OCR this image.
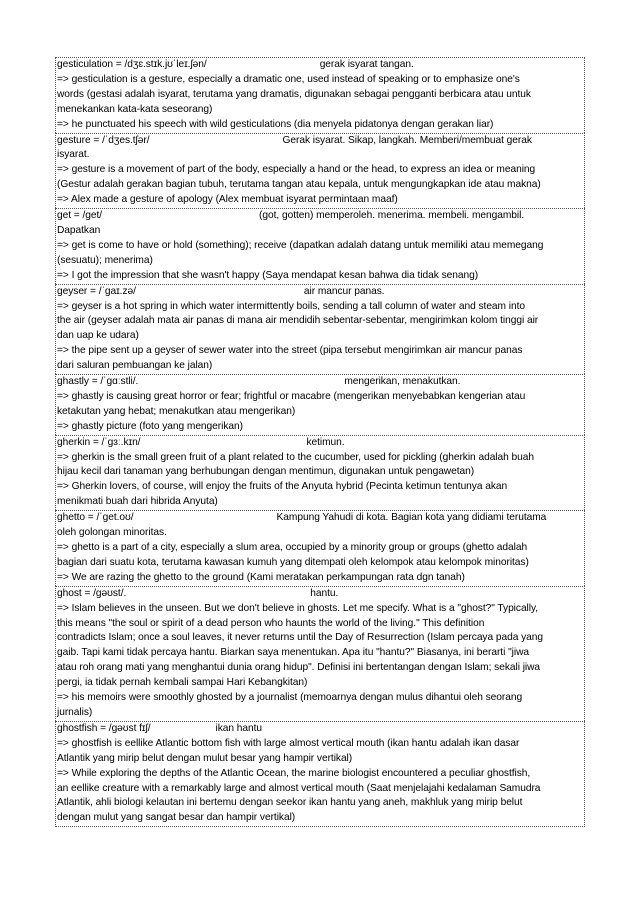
gesticulation = /dʒɛ.stɪk.jʊˈleɪ.ʃən/	gerak isyarat tangan.
=> gesticulation is a gesture, especially a dramatic one, used instead of speaking or to emphasize one's
words (gestasi adalah isyarat, terutama yang dramatis, digunakan sebagai pengganti berbicara atau untuk
menekankan kata-kata seseorang)
=> he punctuated his speech with wild gesticulations (dia menyela pidatonya dengan gerakan liar)
gesture = /ˈdʒes.tʃər/	Gerak isyarat. Sikap, langkah. Memberi/membuat gerak
isyarat.
=> gesture is a movement of part of the body, especially a hand or the head, to express an idea or meaning
(Gestur adalah gerakan bagian tubuh, terutama tangan atau kepala, untuk mengungkapkan ide atau makna)
=> Alex made a gesture of apology (Alex membuat isyarat permintaan maaf)
get = /get/	(got, gotten) memperoleh. menerima. membeli. mengambil.
Dapatkan
=> get is come to have or hold (something); receive (dapatkan adalah datang untuk memiliki atau memegang
(sesuatu); menerima)
=> I got the impression that she wasn't happy (Saya mendapat kesan bahwa dia tidak senang)
geyser = /ˈɡaɪ.zə/	air mancur panas.
=> geyser is a hot spring in which water intermittently boils, sending a tall column of water and steam into
the air (geyser adalah mata air panas di mana air mendidih sebentar-sebentar, mengirimkan kolom tinggi air
dan uap ke udara)
=> the pipe sent up a geyser of sewer water into the street (pipa tersebut mengirimkan air mancur panas
dari saluran pembuangan ke jalan)
ghastly = /ˈɡɑːstli/.	mengerikan, menakutkan.
=> ghastly is causing great horror or fear; frightful or macabre (mengerikan menyebabkan kengerian atau
ketakutan yang hebat; menakutkan atau mengerikan)
=> ghastly picture (foto yang mengerikan)
gherkin = /ˈɡɜː.kɪn/	ketimun.
=> gherkin is the small green fruit of a plant related to the cucumber, used for pickling (gherkin adalah buah
hijau kecil dari tanaman yang berhubungan dengan mentimun, digunakan untuk pengawetan)
=> Gherkin lovers, of course, will enjoy the fruits of the Anyuta hybrid (Pecinta ketimun tentunya akan
menikmati buah dari hibrida Anyuta)
ghetto = /ˈɡet.oʊ/	Kampung Yahudi di kota. Bagian kota yang didiami terutama
oleh golongan minoritas.
=> ghetto is a part of a city, especially a slum area, occupied by a minority group or groups (ghetto adalah
bagian dari suatu kota, terutama kawasan kumuh yang ditempati oleh kelompok atau kelompok minoritas)
=> We are razing the ghetto to the ground (Kami meratakan perkampungan rata dgn tanah)
ghost = /ɡəʊst/.	hantu.
=> Islam believes in the unseen. But we don't believe in ghosts. Let me specify. What is a "ghost?" Typically,
this means "the soul or spirit of a dead person who haunts the world of the living." This definition
contradicts Islam; once a soul leaves, it never returns until the Day of Resurrection (Islam percaya pada yang
gaib. Tapi kami tidak percaya hantu. Biarkan saya menentukan. Apa itu "hantu?" Biasanya, ini berarti "jiwa
atau roh orang mati yang menghantui dunia orang hidup". Definisi ini bertentangan dengan Islam; sekali jiwa
pergi, ia tidak pernah kembali sampai Hari Kebangkitan)
=> his memoirs were smoothly ghosted by a journalist (memoarnya dengan mulus dihantui oleh seorang
jurnalis)
ghostfish = /ɡəʊst fɪʃ/	ikan hantu
=> ghostfish is eellike Atlantic bottom fish with large almost vertical mouth (ikan hantu adalah ikan dasar
Atlantik yang mirip belut dengan mulut besar yang hampir vertikal)
=> While exploring the depths of the Atlantic Ocean, the marine biologist encountered a peculiar ghostfish,
an eellike creature with a remarkably large and almost vertical mouth (Saat menjelajahi kedalaman Samudra
Atlantik, ahli biologi kelautan ini bertemu dengan seekor ikan hantu yang aneh, makhluk yang mirip belut
dengan mulut yang sangat besar dan hampir vertikal)
